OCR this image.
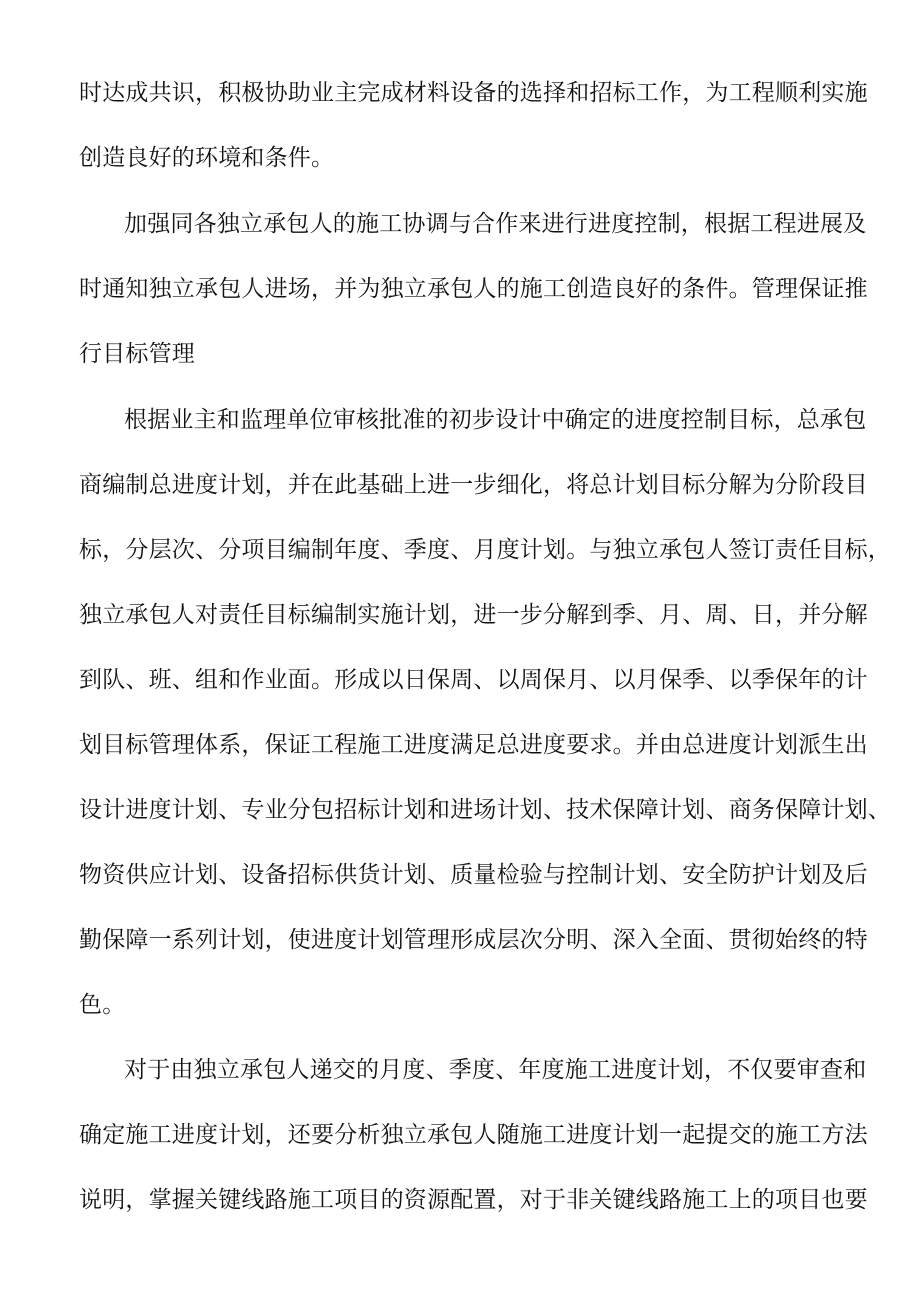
时达成共识，积极协助业主完成材料设备的选择和招标工作，为工程顺利实施
创造良好的环境和条件。
加强同各独立承包人的施工协调与合作来进行进度控制，根据工程进展及
时通知独立承包人进场，并为独立承包人的施工创造良好的条件。管理保证推
行目标管理
根据业主和监理单位审核批准的初步设计中确定的进度控制目标，总承包
商编制总进度计划，并在此基础上进一步细化，将总计划目标分解为分阶段目
标，分层次、分项目编制年度、季度、月度计划。与独立承包人签订责任目标，
独立承包人对责任目标编制实施计划，进一步分解到季、月、周、日，并分解
到队、班、组和作业面。形成以日保周、以周保月、以月保季、以季保年的计
划目标管理体系，保证工程施工进度满足总进度要求。并由总进度计划派生出
设计进度计划、专业分包招标计划和进场计划、技术保障计划、商务保障计划、
物资供应计划、设备招标供货计划、质量检验与控制计划、安全防护计划及后
勤保障一系列计划，使进度计划管理形成层次分明、深入全面、贯彻始终的特
色。
对于由独立承包人递交的月度、季度、年度施工进度计划，不仅要审查和
确定施工进度计划，还要分析独立承包人随施工进度计划一起提交的施工方法
说明，掌握关键线路施工项目的资源配置，对于非关键线路施工上的项目也要
